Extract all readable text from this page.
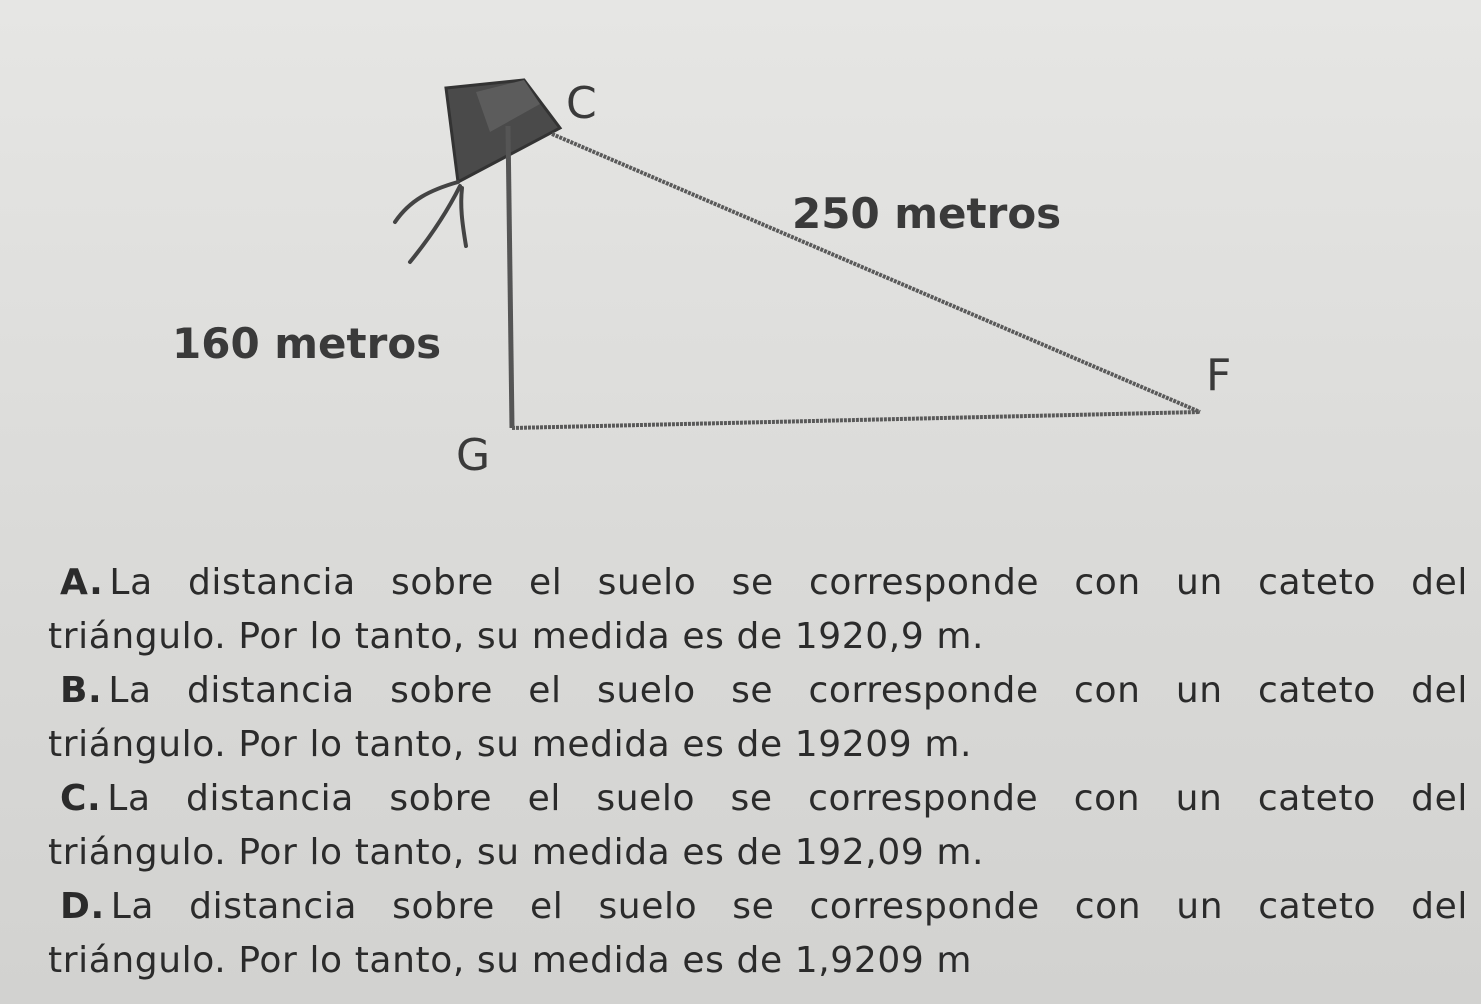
C
F
G
250 metros
160 metros

A. La distancia sobre el suelo se corresponde con un cateto del
triángulo. Por lo tanto, su medida es de 1920,9 m.

B. La distancia sobre el suelo se corresponde con un cateto del
triángulo. Por lo tanto, su medida es de 19209 m.

C. La distancia sobre el suelo se corresponde con un cateto del
triángulo. Por lo tanto, su medida es de 192,09 m.

D. La distancia sobre el suelo se corresponde con un cateto del
triángulo. Por lo tanto, su medida es de 1,9209 m
